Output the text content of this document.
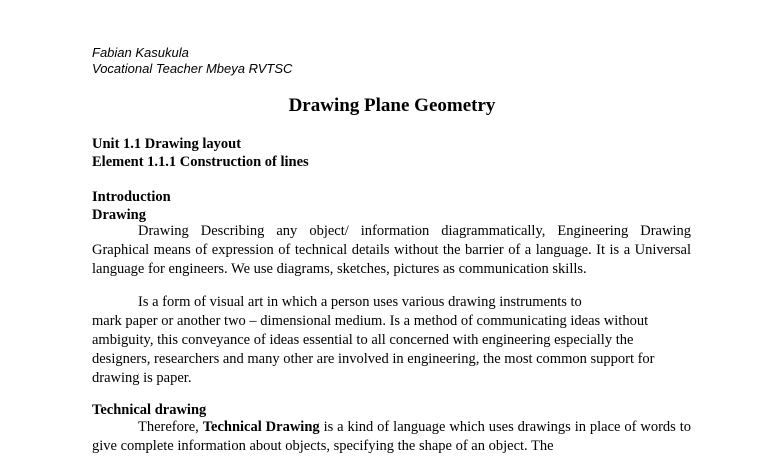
Fabian Kasukula
Vocational Teacher Mbeya RVTSC
Drawing Plane Geometry
Unit 1.1 Drawing layout
Element 1.1.1 Construction of lines
Introduction
Drawing

Drawing Describing any object/ information diagrammatically, Engineering Drawing Graphical means of expression of technical details without the barrier of a language. It is a Universal language for engineers. We use diagrams, sketches, pictures as communication skills.

Is a form of visual art in which a person uses various drawing instruments to
mark paper or another two – dimensional medium. Is a method of communicating ideas without
ambiguity, this conveyance of ideas essential to all concerned with engineering especially the
designers, researchers and many other are involved in engineering, the most common support for
drawing is paper.
Technical drawing

Therefore, Technical Drawing is a kind of language which uses drawings in place of words to give complete information about objects, specifying the shape of an object. The
